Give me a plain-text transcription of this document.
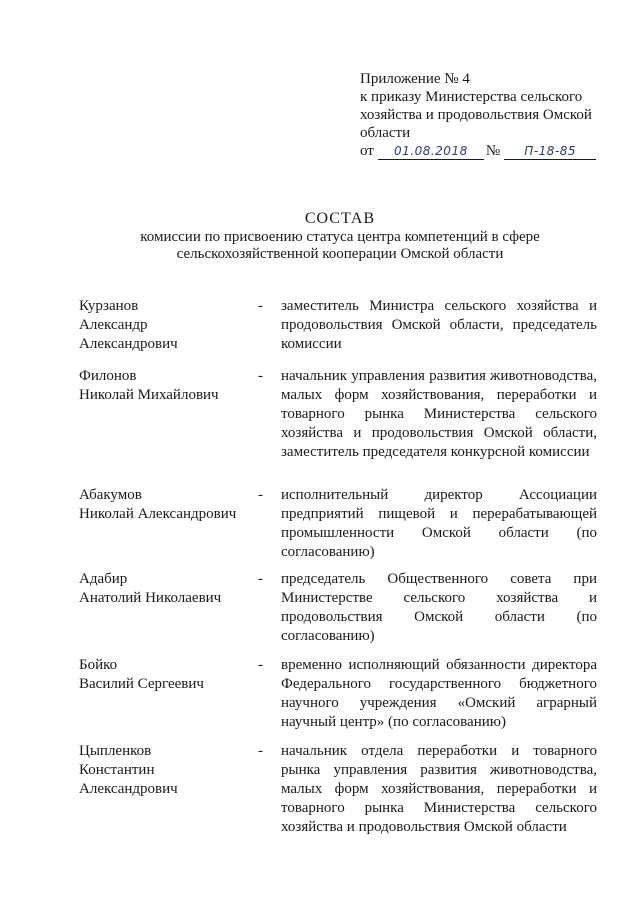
Приложение № 4
к приказу Министерства сельского
хозяйства и продовольствия Омской
области
от	01.08.2018	№	П-18-85
СОСТАВ
комиссии по присвоению статуса центра компетенций в сфере
сельскохозяйственной кооперации Омской области
Курзанов
Александр
Александрович
- заместитель Министра сельского хозяйства и продовольствия Омской области, председатель комиссии
Филонов
Николай Михайлович
- начальник управления развития животноводства, малых форм хозяйствования, переработки и товарного рынка Министерства сельского хозяйства и продовольствия Омской области, заместитель председателя конкурсной комиссии
Абакумов
Николай Александрович
- исполнительный директор Ассоциации предприятий пищевой и перерабатывающей промышленности Омской области (по согласованию)
Адабир
Анатолий Николаевич
- председатель Общественного совета при Министерстве сельского хозяйства и продовольствия Омской области (по согласованию)
Бойко
Василий Сергеевич
- временно исполняющий обязанности директора Федерального государственного бюджетного научного учреждения «Омский аграрный научный центр» (по согласованию)
Цыпленков
Константин
Александрович
- начальник отдела переработки и товарного рынка управления развития животноводства, малых форм хозяйствования, переработки и товарного рынка Министерства сельского хозяйства и продовольствия Омской области
